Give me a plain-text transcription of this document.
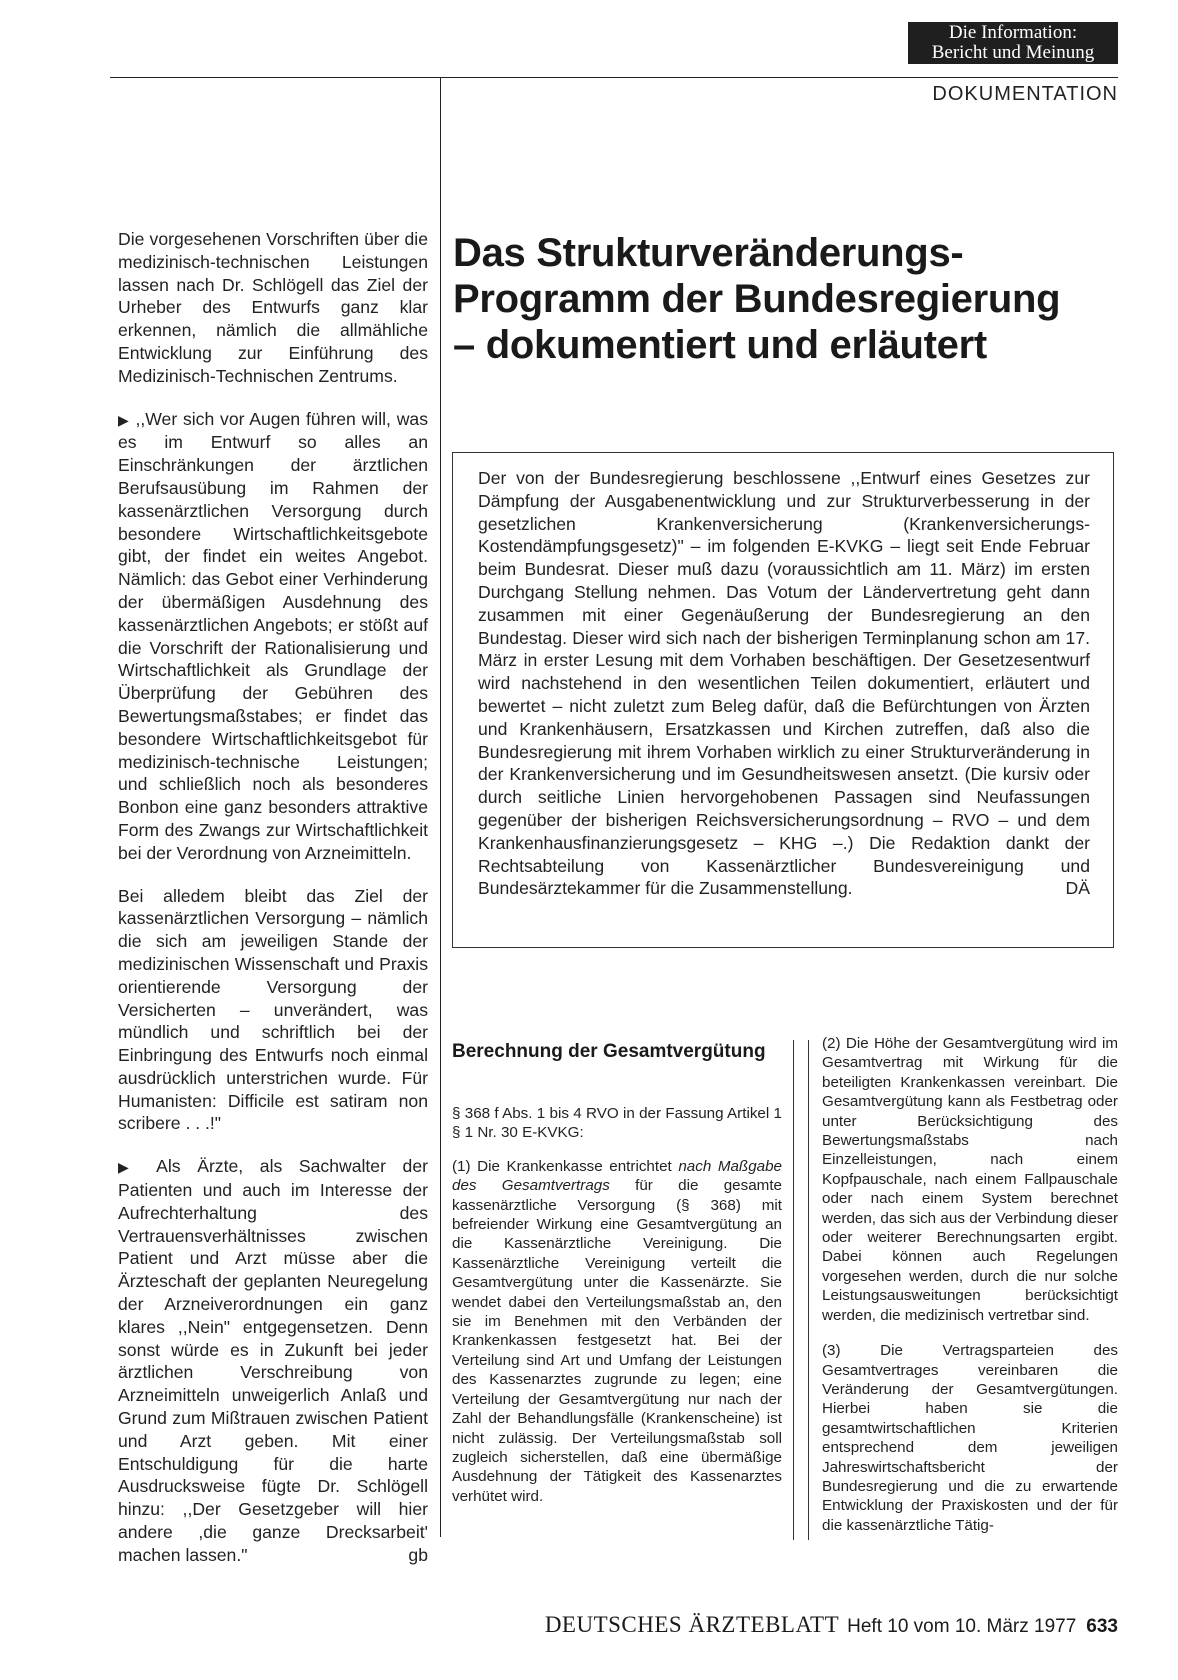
Die Information:
Bericht und Meinung
DOKUMENTATION

Die vorgesehenen Vorschriften über die medizinisch-technischen Leistungen lassen nach Dr. Schlögell das Ziel der Urheber des Entwurfs ganz klar erkennen, nämlich die allmähliche Entwicklung zur Einführung des Medizinisch-Technischen Zentrums.

▶ ,,Wer sich vor Augen führen will, was es im Entwurf so alles an Einschränkungen der ärztlichen Berufsausübung im Rahmen der kassenärztlichen Versorgung durch besondere Wirtschaftlichkeitsgebote gibt, der findet ein weites Angebot. Nämlich: das Gebot einer Verhinderung der übermäßigen Ausdehnung des kassenärztlichen Angebots; er stößt auf die Vorschrift der Rationalisierung und Wirtschaftlichkeit als Grundlage der Überprüfung der Gebühren des Bewertungsmaßstabes; er findet das besondere Wirtschaftlichkeitsgebot für medizinisch-technische Leistungen; und schließlich noch als besonderes Bonbon eine ganz besonders attraktive Form des Zwangs zur Wirtschaftlichkeit bei der Verordnung von Arzneimitteln.

Bei alledem bleibt das Ziel der kassenärztlichen Versorgung – nämlich die sich am jeweiligen Stande der medizinischen Wissenschaft und Praxis orientierende Versorgung der Versicherten – unverändert, was mündlich und schriftlich bei der Einbringung des Entwurfs noch einmal ausdrücklich unterstrichen wurde. Für Humanisten: Difficile est satiram non scribere . . .!"

▶ Als Ärzte, als Sachwalter der Patienten und auch im Interesse der Aufrechterhaltung des Vertrauensverhältnisses zwischen Patient und Arzt müsse aber die Ärzteschaft der geplanten Neuregelung der Arzneiverordnungen ein ganz klares ,,Nein" entgegensetzen. Denn sonst würde es in Zukunft bei jeder ärztlichen Verschreibung von Arzneimitteln unweigerlich Anlaß und Grund zum Mißtrauen zwischen Patient und Arzt geben. Mit einer Entschuldigung für die harte Ausdrucksweise fügte Dr. Schlögell hinzu: ,,Der Gesetzgeber will hier andere ,die ganze Drecksarbeit' machen lassen."	gb

Das Strukturveränderungs-
Programm der Bundesregierung
– dokumentiert und erläutert
Der von der Bundesregierung beschlossene ,,Entwurf eines Gesetzes zur Dämpfung der Ausgabenentwicklung und zur Strukturverbesserung in der gesetzlichen Krankenversicherung (Krankenversicherungs-Kostendämpfungsgesetz)" – im folgenden E-KVKG – liegt seit Ende Februar beim Bundesrat. Dieser muß dazu (voraussichtlich am 11. März) im ersten Durchgang Stellung nehmen. Das Votum der Ländervertretung geht dann zusammen mit einer Gegenäußerung der Bundesregierung an den Bundestag. Dieser wird sich nach der bisherigen Terminplanung schon am 17. März in erster Lesung mit dem Vorhaben beschäftigen. Der Gesetzesentwurf wird nachstehend in den wesentlichen Teilen dokumentiert, erläutert und bewertet – nicht zuletzt zum Beleg dafür, daß die Befürchtungen von Ärzten und Krankenhäusern, Ersatzkassen und Kirchen zutreffen, daß also die Bundesregierung mit ihrem Vorhaben wirklich zu einer Strukturveränderung in der Krankenversicherung und im Gesundheitswesen ansetzt. (Die kursiv oder durch seitliche Linien hervorgehobenen Passagen sind Neufassungen gegenüber der bisherigen Reichsversicherungsordnung – RVO – und dem Krankenhausfinanzierungsgesetz – KHG –.) Die Redaktion dankt der Rechtsabteilung von Kassenärztlicher Bundesvereinigung und Bundesärztekammer für die Zusammenstellung.	DÄ
Berechnung der Gesamtvergütung

§ 368 f Abs. 1 bis 4 RVO in der Fassung Artikel 1 § 1 Nr. 30 E-KVKG:

(1) Die Krankenkasse entrichtet nach Maßgabe des Gesamtvertrags für die gesamte kassenärztliche Versorgung (§ 368) mit befreiender Wirkung eine Gesamtvergütung an die Kassenärztliche Vereinigung. Die Kassenärztliche Vereinigung verteilt die Gesamtvergütung unter die Kassenärzte. Sie wendet dabei den Verteilungsmaßstab an, den sie im Benehmen mit den Verbänden der Krankenkassen festgesetzt hat. Bei der Verteilung sind Art und Umfang der Leistungen des Kassenarztes zugrunde zu legen; eine Verteilung der Gesamtvergütung nur nach der Zahl der Behandlungsfälle (Krankenscheine) ist nicht zulässig. Der Verteilungsmaßstab soll zugleich sicherstellen, daß eine übermäßige Ausdehnung der Tätigkeit des Kassenarztes verhütet wird.

(2) Die Höhe der Gesamtvergütung wird im Gesamtvertrag mit Wirkung für die beteiligten Krankenkassen vereinbart. Die Gesamtvergütung kann als Festbetrag oder unter Berücksichtigung des Bewertungsmaßstabs nach Einzelleistungen, nach einem Kopfpauschale, nach einem Fallpauschale oder nach einem System berechnet werden, das sich aus der Verbindung dieser oder weiterer Berechnungsarten ergibt. Dabei können auch Regelungen vorgesehen werden, durch die nur solche Leistungsausweitungen berücksichtigt werden, die medizinisch vertretbar sind.

(3) Die Vertragsparteien des Gesamtvertrages vereinbaren die Veränderung der Gesamtvergütungen. Hierbei haben sie die gesamtwirtschaftlichen Kriterien entsprechend dem jeweiligen Jahreswirtschaftsbericht der Bundesregierung und die zu erwartende Entwicklung der Praxiskosten und der für die kassenärztliche Tätig-

DEUTSCHES ÄRZTEBLATT Heft 10 vom 10. März 1977 633
